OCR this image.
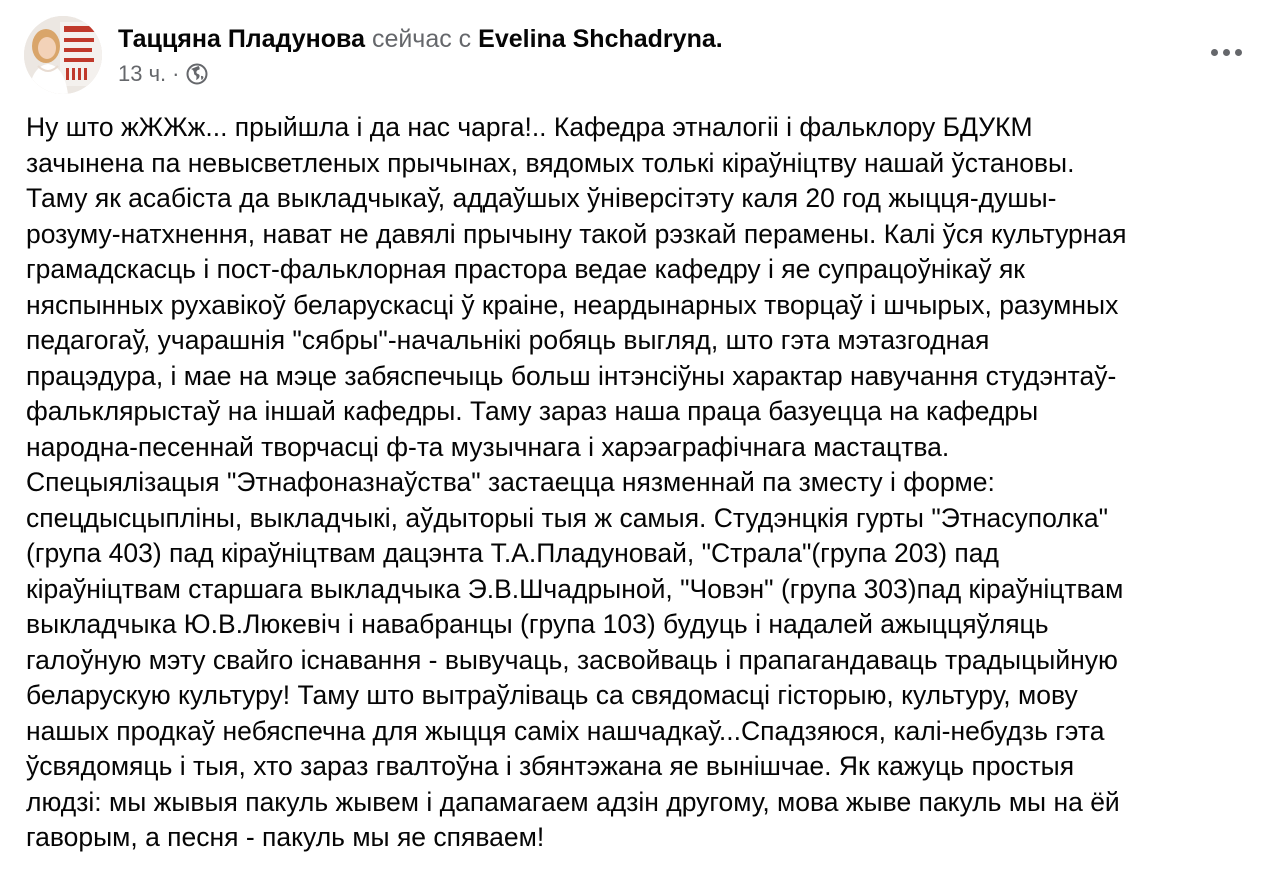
Таццяна Пладунова сейчас с Evelina Shchadryna.
13 ч. ·
Ну што жЖЖж... прыйшла і да нас чарга!.. Кафедра этналогіі і фальклору БДУКМ
зачынена па невысветленых прычынах, вядомых толькі кіраўніцтву нашай ўстановы.
Таму як асабіста да выкладчыкаў, аддаўшых ўніверсітэту каля 20 год жыцця-душы-
розуму-натхнення, нават не давялі прычыну такой рэзкай перамены. Калі ўся культурная
грамадскасць і пост-фальклорная прастора ведае кафедру і яе супрацоўнікаў як
няспынных рухавікоў беларускасці ў краіне, неардынарных творцаў і шчырых, разумных
педагогаў, учарашнія "сябры"-начальнікі робяць выгляд, што гэта мэтазгодная
працэдура, і мае на мэце забяспечыць больш інтэнсіўны характар навучання студэнтаў-
фальклярыстаў на іншай кафедры. Таму зараз наша праца базуецца на кафедры
народна-песеннай творчасці ф-та музычнага і харэаграфічнага мастацтва.
Спецыялізацыя "Этнафоназнаўства" застаецца нязменнай па зместу і форме:
спецдысцыпліны, выкладчыкі, аўдыторыі тыя ж самыя. Студэнцкія гурты "Этнасуполка"
(група 403) пад кіраўніцтвам дацэнта Т.А.Пладуновай, "Страла"(група 203) пад
кіраўніцтвам старшага выкладчыка Э.В.Шчадрыной, "Човэн" (група 303)пад кіраўніцтвам
выкладчыка Ю.В.Люкевіч і навабранцы (група 103) будуць і надалей ажыццяўляць
галоўную мэту свайго існавання - вывучаць, засвойваць і прапагандаваць традыцыйную
беларускую культуру! Таму што вытраўліваць са свядомасці гісторыю, культуру, мову
нашых продкаў небяспечна для жыцця саміх нашчадкаў...Спадзяюся, калі-небудзь гэта
ўсвядомяць і тыя, хто зараз гвалтоўна і збянтэжана яе вынішчае. Як кажуць простыя
людзі: мы жывыя пакуль жывем і дапамагаем адзін другому, мова жыве пакуль мы на ёй
гаворым, а песня - пакуль мы яе спяваем!
